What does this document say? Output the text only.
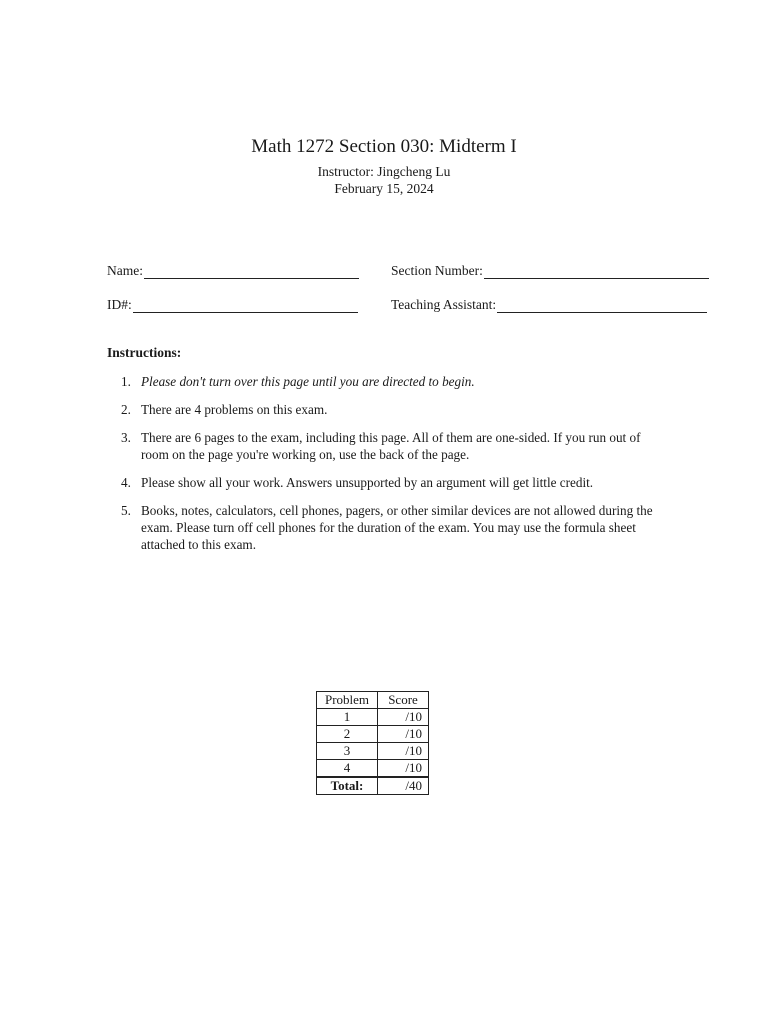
Math 1272 Section 030: Midterm I
Instructor: Jingcheng Lu
February 15, 2024
Name:	Section Number:
ID#:	Teaching Assistant:
Instructions:
1. Please don't turn over this page until you are directed to begin.
2. There are 4 problems on this exam.
3. There are 6 pages to the exam, including this page. All of them are one-sided. If you run out of room on the page you're working on, use the back of the page.
4. Please show all your work. Answers unsupported by an argument will get little credit.
5. Books, notes, calculators, cell phones, pagers, or other similar devices are not allowed during the exam. Please turn off cell phones for the duration of the exam. You may use the formula sheet attached to this exam.
Problem	Score
1	/10
2	/10
3	/10
4	/10
Total:	/40
